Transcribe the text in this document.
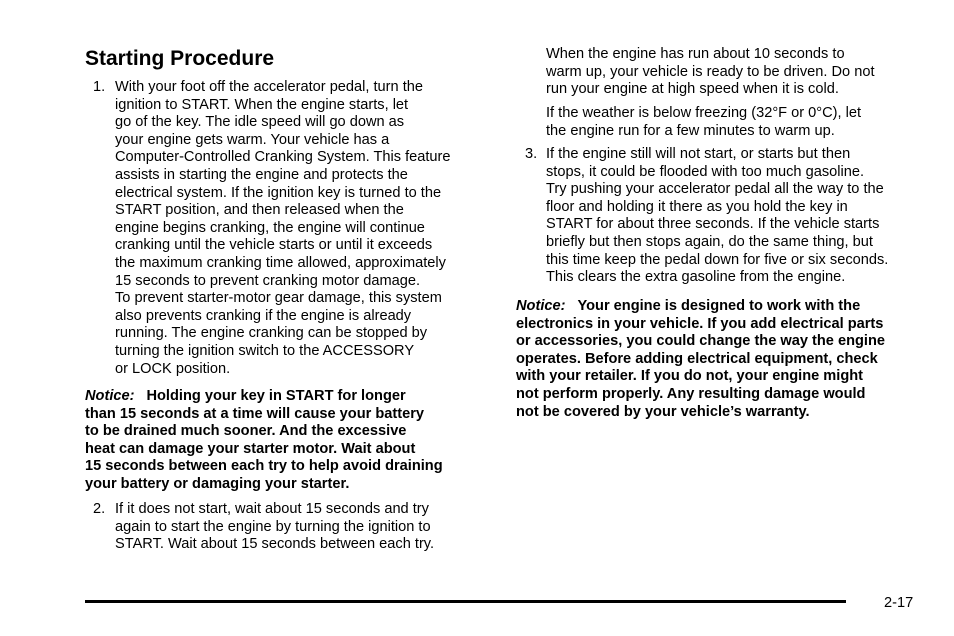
Starting Procedure
1. With your foot off the accelerator pedal, turn the
ignition to START. When the engine starts, let
go of the key. The idle speed will go down as
your engine gets warm. Your vehicle has a
Computer-Controlled Cranking System. This feature
assists in starting the engine and protects the
electrical system. If the ignition key is turned to the
START position, and then released when the
engine begins cranking, the engine will continue
cranking until the vehicle starts or until it exceeds
the maximum cranking time allowed, approximately
15 seconds to prevent cranking motor damage.
To prevent starter-motor gear damage, this system
also prevents cranking if the engine is already
running. The engine cranking can be stopped by
turning the ignition switch to the ACCESSORY
or LOCK position.
Notice: Holding your key in START for longer
than 15 seconds at a time will cause your battery
to be drained much sooner. And the excessive
heat can damage your starter motor. Wait about
15 seconds between each try to help avoid draining
your battery or damaging your starter.
2. If it does not start, wait about 15 seconds and try
again to start the engine by turning the ignition to
START. Wait about 15 seconds between each try.
When the engine has run about 10 seconds to
warm up, your vehicle is ready to be driven. Do not
run your engine at high speed when it is cold.
If the weather is below freezing (32°F or 0°C), let
the engine run for a few minutes to warm up.
3. If the engine still will not start, or starts but then
stops, it could be flooded with too much gasoline.
Try pushing your accelerator pedal all the way to the
floor and holding it there as you hold the key in
START for about three seconds. If the vehicle starts
briefly but then stops again, do the same thing, but
this time keep the pedal down for five or six seconds.
This clears the extra gasoline from the engine.
Notice: Your engine is designed to work with the
electronics in your vehicle. If you add electrical parts
or accessories, you could change the way the engine
operates. Before adding electrical equipment, check
with your retailer. If you do not, your engine might
not perform properly. Any resulting damage would
not be covered by your vehicle’s warranty.
2-17
